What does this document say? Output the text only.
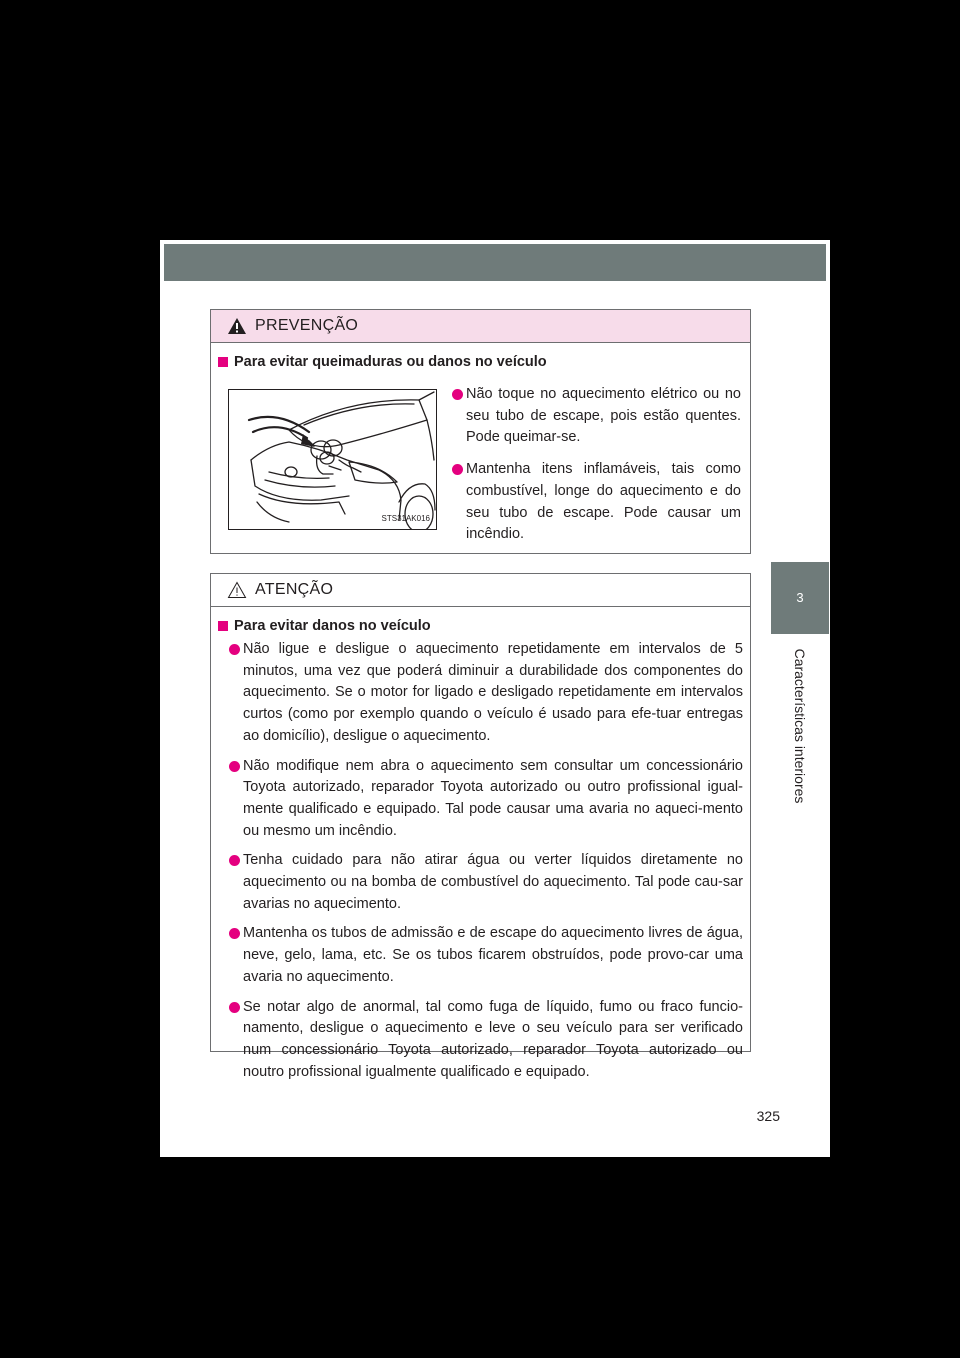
3
Características interiores
PREVENÇÃO
Para evitar queimaduras ou danos no veículo
STS31AK016
Não toque no aquecimento elétrico ou no seu tubo de escape, pois estão quentes. Pode queimar-se.
Mantenha itens inflamáveis, tais como combustível, longe do aquecimento e do seu tubo de escape. Pode causar um incêndio.
ATENÇÃO
Para evitar danos no veículo
Não ligue e desligue o aquecimento repetidamente em intervalos de 5 minutos, uma vez que poderá diminuir a durabilidade dos componentes do aquecimento. Se o motor for ligado e desligado repetidamente em intervalos curtos (como por exemplo quando o veículo é usado para efe-tuar entregas ao domicílio), desligue o aquecimento.
Não modifique nem abra o aquecimento sem consultar um concessionário Toyota autorizado, reparador Toyota autorizado ou outro profissional igual-mente qualificado e equipado. Tal pode causar uma avaria no aqueci-mento ou mesmo um incêndio.
Tenha cuidado para não atirar água ou verter líquidos diretamente no aquecimento ou na bomba de combustível do aquecimento. Tal pode cau-sar avarias no aquecimento.
Mantenha os tubos de admissão e de escape do aquecimento livres de água, neve, gelo, lama, etc. Se os tubos ficarem obstruídos, pode provo-car uma avaria no aquecimento.
Se notar algo de anormal, tal como fuga de líquido, fumo ou fraco funcio-namento, desligue o aquecimento e leve o seu veículo para ser verificado num concessionário Toyota autorizado, reparador Toyota autorizado ou noutro profissional igualmente qualificado e equipado.
325
